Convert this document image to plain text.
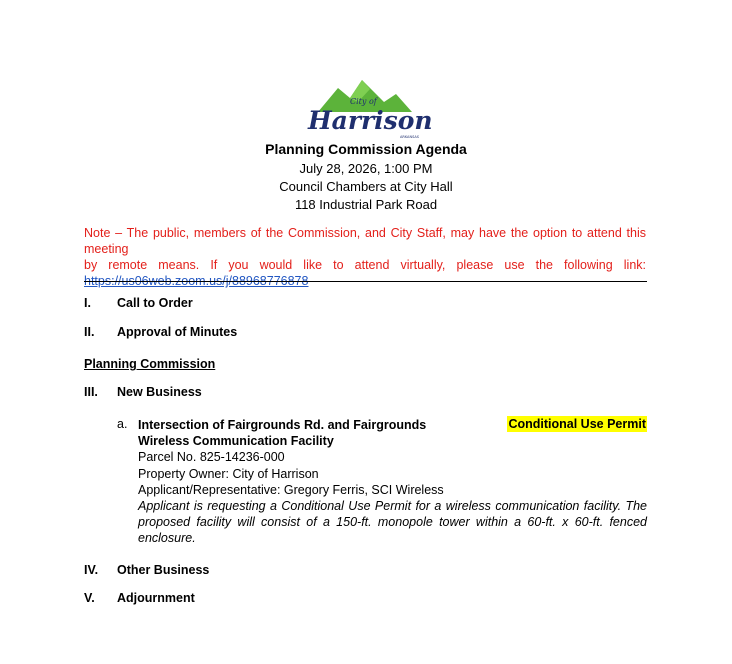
City of
Harrison
ARKANSAS
Planning Commission Agenda
July 28, 2026, 1:00 PM
Council Chambers at City Hall
118 Industrial Park Road
Note – The public, members of the Commission, and City Staff, may have the option to attend this meeting
by remote means. If you would like to attend virtually, please use the following link:
https://us06web.zoom.us/j/88968776878
I. Call to Order
II. Approval of Minutes
Planning Commission
III. New Business
a.	Conditional Use Permit
Intersection of Fairgrounds Rd. and Fairgrounds
Wireless Communication Facility
Parcel No. 825-14236-000
Property Owner: City of Harrison
Applicant/Representative: Gregory Ferris, SCI Wireless
Applicant is requesting a Conditional Use Permit for a wireless communication facility. The proposed facility will consist of a 150-ft. monopole tower within a 60-ft. x 60-ft. fenced enclosure.
IV. Other Business
V. Adjournment
